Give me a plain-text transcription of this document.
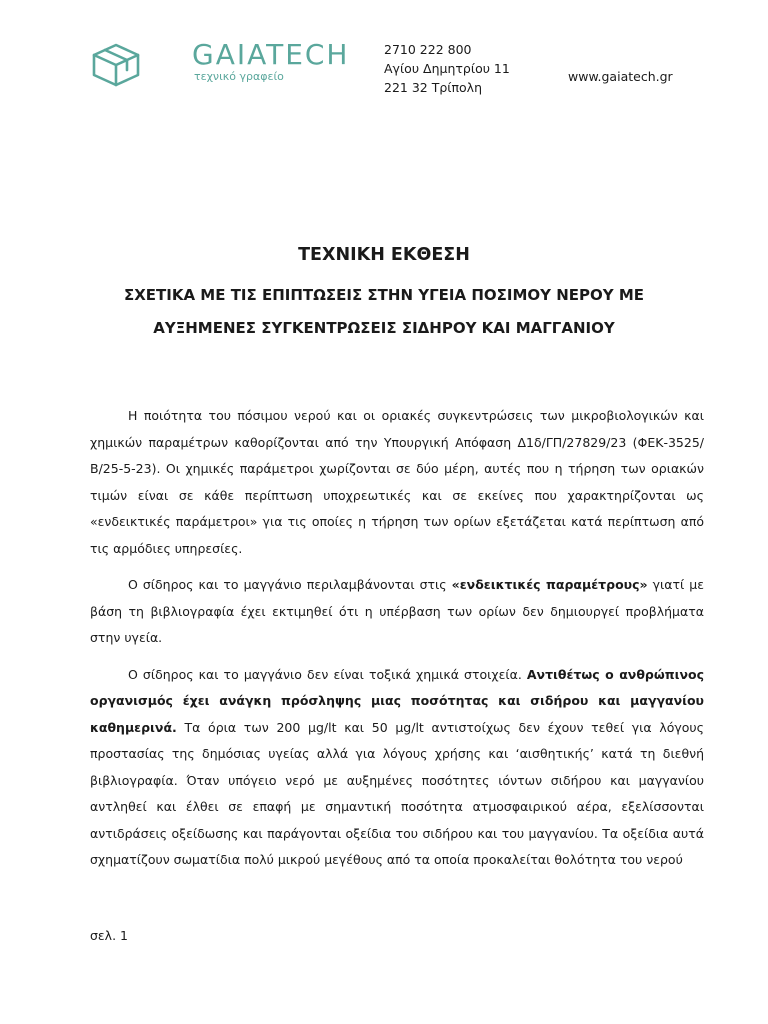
GAIATECH
τεχνικό γραφείο
2710 222 800
Αγίου Δημητρίου 11
221 32 Τρίπολη
www.gaiatech.gr
ΤΕΧΝΙΚΗ ΕΚΘΕΣΗ
ΣΧΕΤΙΚΑ ΜΕ ΤΙΣ ΕΠΙΠΤΩΣΕΙΣ ΣΤΗΝ ΥΓΕΙΑ ΠΟΣΙΜΟΥ ΝΕΡΟΥ ΜΕ
ΑΥΞΗΜΕΝΕΣ ΣΥΓΚΕΝΤΡΩΣΕΙΣ ΣΙΔΗΡΟΥ ΚΑΙ ΜΑΓΓΑΝΙΟΥ

Η ποιότητα του πόσιμου νερού και οι οριακές συγκεντρώσεις των μικροβιολογικών και χημικών παραμέτρων καθορίζονται από την Υπουργική Απόφαση Δ1δ/ΓΠ/27829/23 (ΦΕΚ-3525/Β/25-5-23). Οι χημικές παράμετροι χωρίζονται σε δύο μέρη, αυτές που η τήρηση των οριακών τιμών είναι σε κάθε περίπτωση υποχρεωτικές και σε εκείνες που χαρακτηρίζονται ως «ενδεικτικές παράμετροι» για τις οποίες η τήρηση των ορίων εξετάζεται κατά περίπτωση από τις αρμόδιες υπηρεσίες.

Ο σίδηρος και το μαγγάνιο περιλαμβάνονται στις «ενδεικτικές παραμέτρους» γιατί με βάση τη βιβλιογραφία έχει εκτιμηθεί ότι η υπέρβαση των ορίων δεν δημιουργεί προβλήματα στην υγεία.

Ο σίδηρος και το μαγγάνιο δεν είναι τοξικά χημικά στοιχεία. Αντιθέτως ο ανθρώπινος οργανισμός έχει ανάγκη πρόσληψης μιας ποσότητας και σιδήρου και μαγγανίου καθημερινά. Τα όρια των 200 μg/lt και 50 μg/lt αντιστοίχως δεν έχουν τεθεί για λόγους προστασίας της δημόσιας υγείας αλλά για λόγους χρήσης και ‘αισθητικής’ κατά τη διεθνή βιβλιογραφία. Όταν υπόγειο νερό με αυξημένες ποσότητες ιόντων σιδήρου και μαγγανίου αντληθεί και έλθει σε επαφή με σημαντική ποσότητα ατμοσφαιρικού αέρα, εξελίσσονται αντιδράσεις οξείδωσης και παράγονται οξείδια του σιδήρου και του μαγγανίου. Τα οξείδια αυτά σχηματίζουν σωματίδια πολύ μικρού μεγέθους από τα οποία προκαλείται θολότητα του νερού

σελ. 1
